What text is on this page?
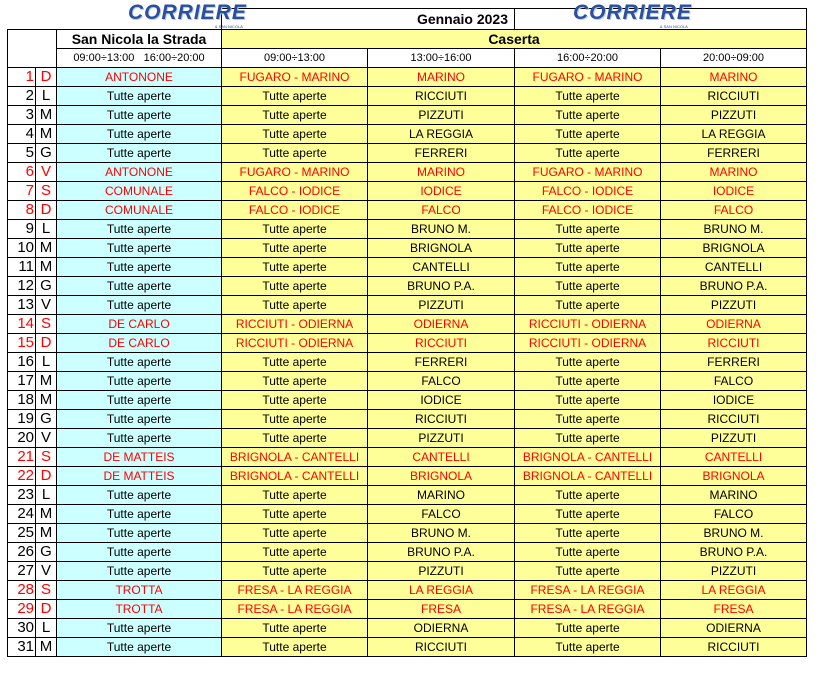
			Gennaio 2023			
		San Nicola la Strada	Caserta			
		09:00÷13:00   16:00÷20:00	09:00÷13:00	13:00÷16:00	16:00÷20:00	20:00÷09:00
1	D	ANTONONE	FUGARO - MARINO	MARINO	FUGARO - MARINO	MARINO
2	L	Tutte aperte	Tutte aperte	RICCIUTI	Tutte aperte	RICCIUTI
3	M	Tutte aperte	Tutte aperte	PIZZUTI	Tutte aperte	PIZZUTI
4	M	Tutte aperte	Tutte aperte	LA REGGIA	Tutte aperte	LA REGGIA
5	G	Tutte aperte	Tutte aperte	FERRERI	Tutte aperte	FERRERI
6	V	ANTONONE	FUGARO - MARINO	MARINO	FUGARO - MARINO	MARINO
7	S	COMUNALE	FALCO - IODICE	IODICE	FALCO - IODICE	IODICE
8	D	COMUNALE	FALCO - IODICE	FALCO	FALCO - IODICE	FALCO
9	L	Tutte aperte	Tutte aperte	BRUNO M.	Tutte aperte	BRUNO M.
10	M	Tutte aperte	Tutte aperte	BRIGNOLA	Tutte aperte	BRIGNOLA
11	M	Tutte aperte	Tutte aperte	CANTELLI	Tutte aperte	CANTELLI
12	G	Tutte aperte	Tutte aperte	BRUNO P.A.	Tutte aperte	BRUNO P.A.
13	V	Tutte aperte	Tutte aperte	PIZZUTI	Tutte aperte	PIZZUTI
14	S	DE CARLO	RICCIUTI - ODIERNA	ODIERNA	RICCIUTI - ODIERNA	ODIERNA
15	D	DE CARLO	RICCIUTI - ODIERNA	RICCIUTI	RICCIUTI - ODIERNA	RICCIUTI
16	L	Tutte aperte	Tutte aperte	FERRERI	Tutte aperte	FERRERI
17	M	Tutte aperte	Tutte aperte	FALCO	Tutte aperte	FALCO
18	M	Tutte aperte	Tutte aperte	IODICE	Tutte aperte	IODICE
19	G	Tutte aperte	Tutte aperte	RICCIUTI	Tutte aperte	RICCIUTI
20	V	Tutte aperte	Tutte aperte	PIZZUTI	Tutte aperte	PIZZUTI
21	S	DE MATTEIS	BRIGNOLA - CANTELLI	CANTELLI	BRIGNOLA - CANTELLI	CANTELLI
22	D	DE MATTEIS	BRIGNOLA - CANTELLI	BRIGNOLA	BRIGNOLA - CANTELLI	BRIGNOLA
23	L	Tutte aperte	Tutte aperte	MARINO	Tutte aperte	MARINO
24	M	Tutte aperte	Tutte aperte	FALCO	Tutte aperte	FALCO
25	M	Tutte aperte	Tutte aperte	BRUNO M.	Tutte aperte	BRUNO M.
26	G	Tutte aperte	Tutte aperte	BRUNO P.A.	Tutte aperte	BRUNO P.A.
27	V	Tutte aperte	Tutte aperte	PIZZUTI	Tutte aperte	PIZZUTI
28	S	TROTTA	FRESA - LA REGGIA	LA REGGIA	FRESA - LA REGGIA	LA REGGIA
29	D	TROTTA	FRESA - LA REGGIA	FRESA	FRESA - LA REGGIA	FRESA
30	L	Tutte aperte	Tutte aperte	ODIERNA	Tutte aperte	ODIERNA
31	M	Tutte aperte	Tutte aperte	RICCIUTI	Tutte aperte	RICCIUTI
CORRIERE
& SAN NICOLA
CORRIERE
& SAN NICOLA
